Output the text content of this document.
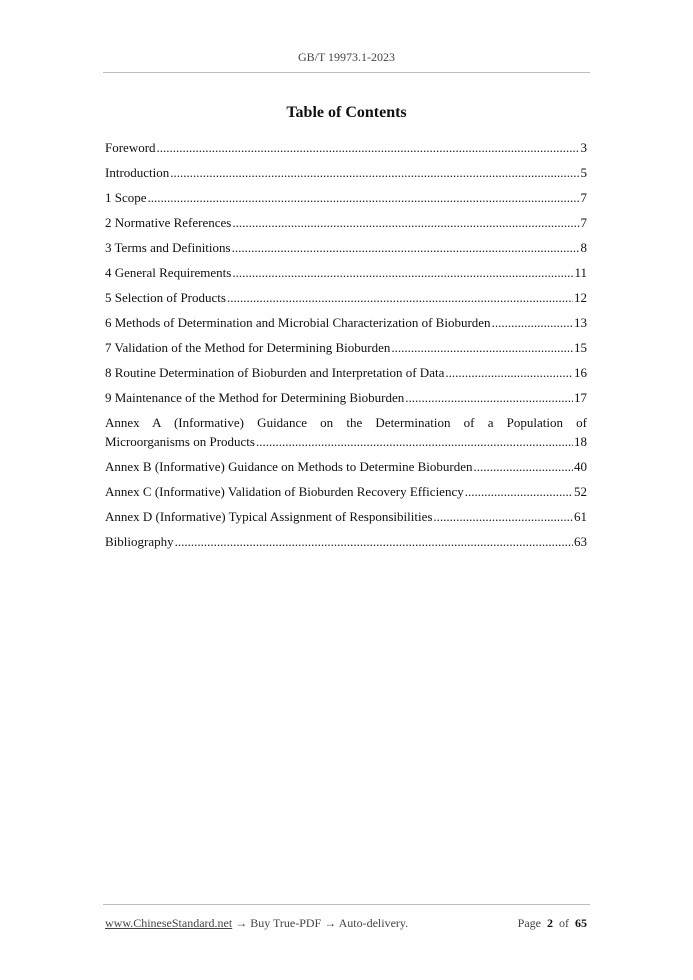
GB/T 19973.1-2023
Table of Contents
Foreword .....	3
Introduction .....	5
1 Scope .....	7
2 Normative References .....	7
3 Terms and Definitions .....	8
4 General Requirements .....	11
5 Selection of Products .....	12
6 Methods of Determination and Microbial Characterization of Bioburden .....	13
7 Validation of the Method for Determining Bioburden .....	15
8 Routine Determination of Bioburden and Interpretation of Data .....	16
9 Maintenance of the Method for Determining Bioburden .....	17
Annex A (Informative) Guidance on the Determination of a Population of
Microorganisms on Products .....	18
Annex B (Informative) Guidance on Methods to Determine Bioburden .....	40
Annex C (Informative) Validation of Bioburden Recovery Efficiency .....	52
Annex D (Informative) Typical Assignment of Responsibilities .....	61
Bibliography .....	63
www.ChineseStandard.net → Buy True-PDF → Auto-delivery.	Page 2 of 65
